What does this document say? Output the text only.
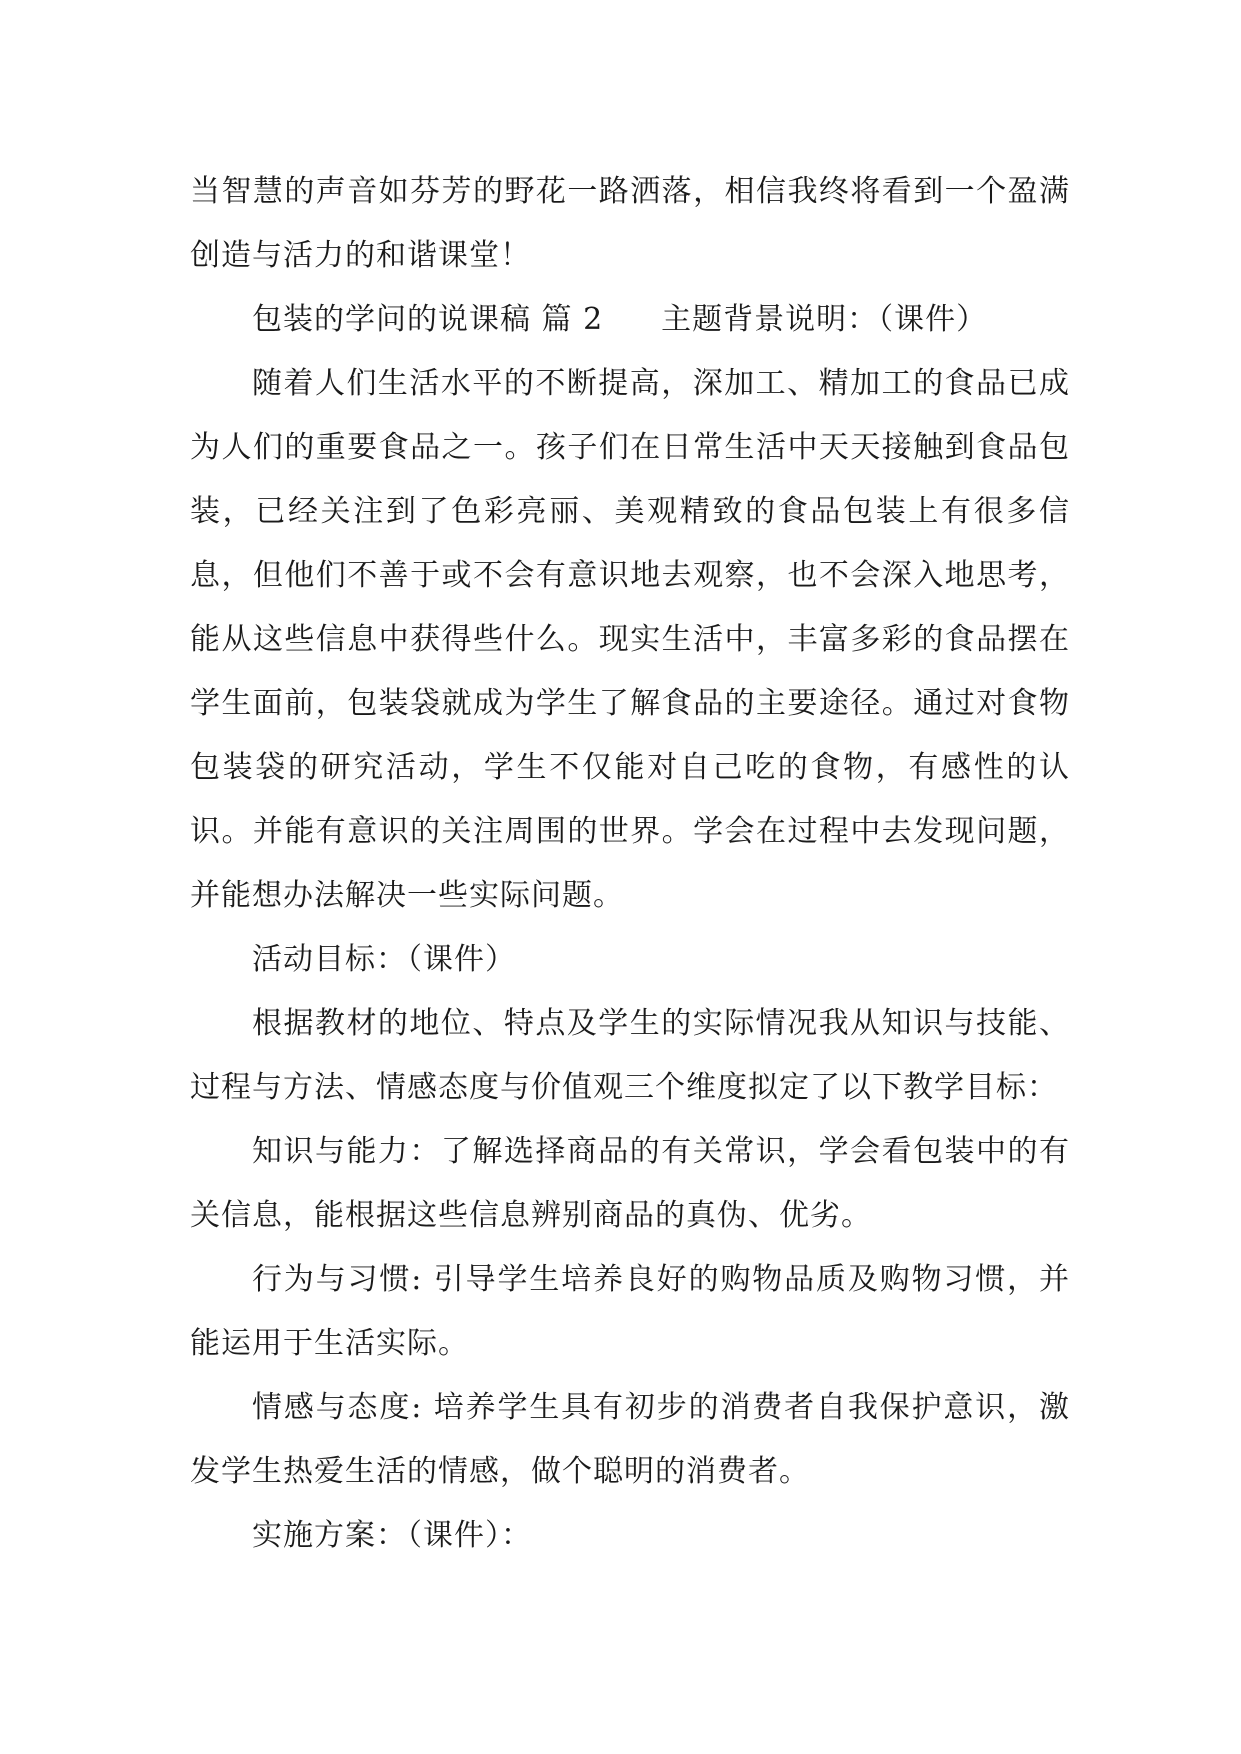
当智慧的声音如芬芳的野花一路洒落，相信我终将看到一个盈满创造与活力的和谐课堂！

包装的学问的说课稿 篇 2 主题背景说明：（课件）

随着人们生活水平的不断提高，深加工、精加工的食品已成为人们的重要食品之一。孩子们在日常生活中天天接触到食品包装，已经关注到了色彩亮丽、美观精致的食品包装上有很多信息，但他们不善于或不会有意识地去观察，也不会深入地思考，能从这些信息中获得些什么。现实生活中，丰富多彩的食品摆在学生面前，包装袋就成为学生了解食品的主要途径。通过对食物包装袋的研究活动，学生不仅能对自己吃的食物，有感性的认识。并能有意识的关注周围的世界。学会在过程中去发现问题，并能想办法解决一些实际问题。

活动目标：（课件）

根据教材的地位、特点及学生的实际情况我从知识与技能、过程与方法、情感态度与价值观三个维度拟定了以下教学目标：

知识与能力：了解选择商品的有关常识，学会看包装中的有关信息，能根据这些信息辨别商品的真伪、优劣。

行为与习惯: 引导学生培养良好的购物品质及购物习惯，并能运用于生活实际。

情感与态度: 培养学生具有初步的消费者自我保护意识，激发学生热爱生活的情感，做个聪明的消费者。

实施方案：（课件）：
